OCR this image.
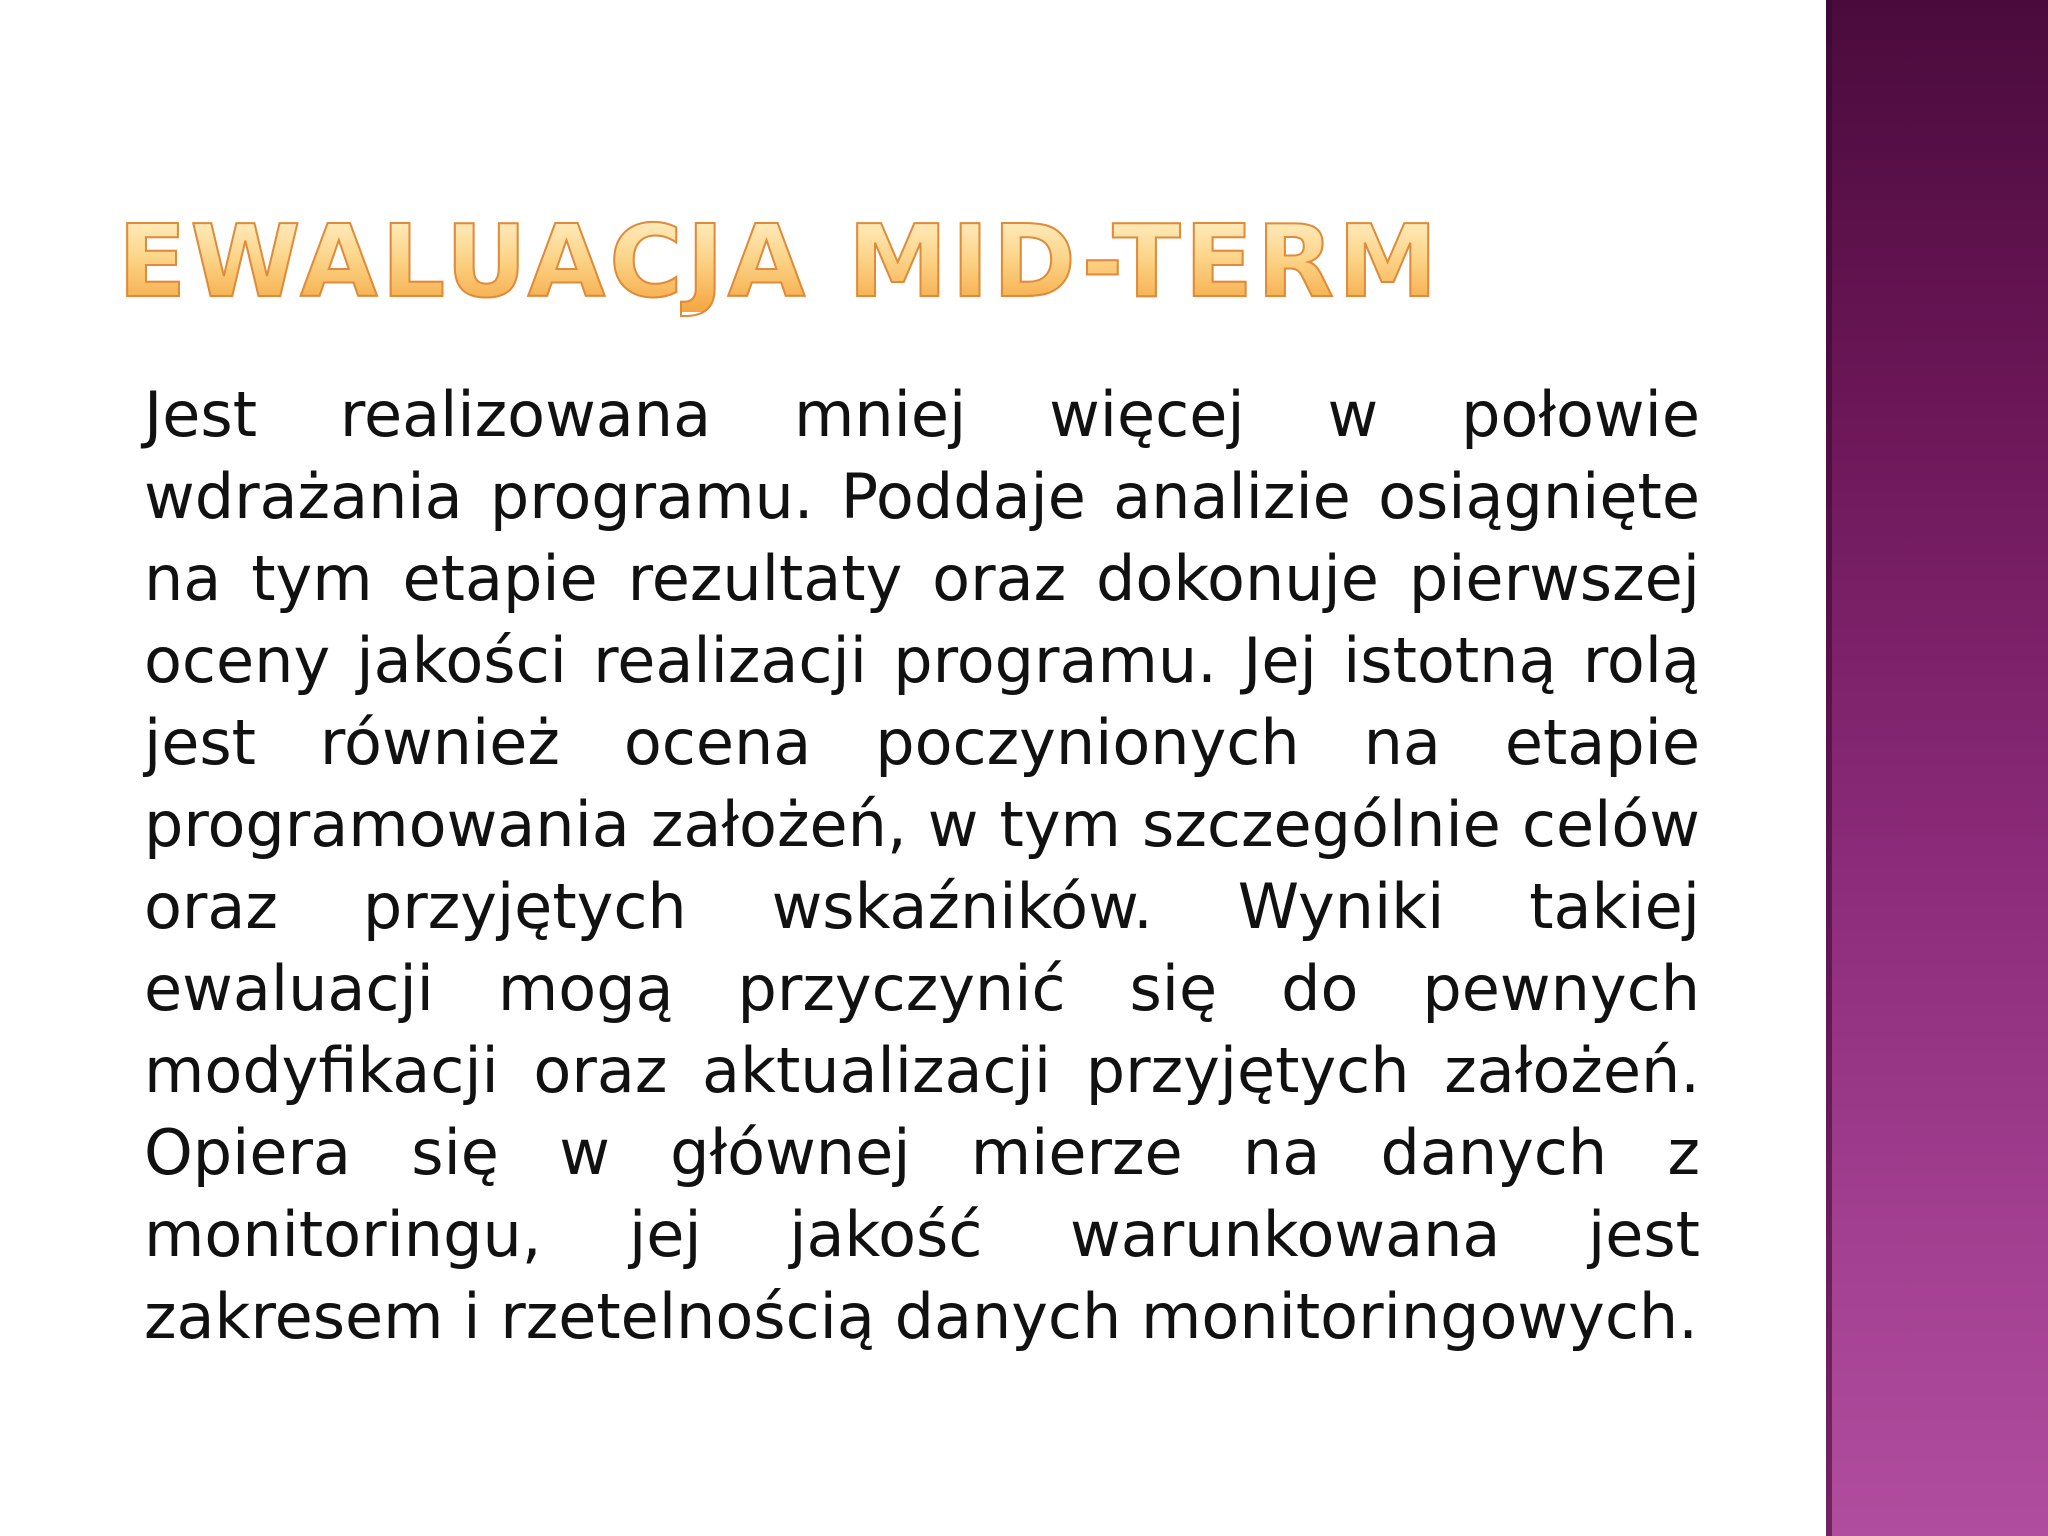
EWALUACJA MID-TERM

Jest realizowana mniej więcej w połowie wdrażania programu. Poddaje analizie osiągnięte na tym etapie rezultaty oraz dokonuje pierwszej oceny jakości realizacji programu. Jej istotną rolą jest również ocena poczynionych na etapie programowania założeń, w tym szczególnie celów oraz przyjętych wskaźników. Wyniki takiej ewaluacji mogą przyczynić się do pewnych modyfikacji oraz aktualizacji przyjętych założeń. Opiera się w głównej mierze na danych z monitoringu, jej jakość warunkowana jest zakresem i rzetelnością danych monitoringowych.
